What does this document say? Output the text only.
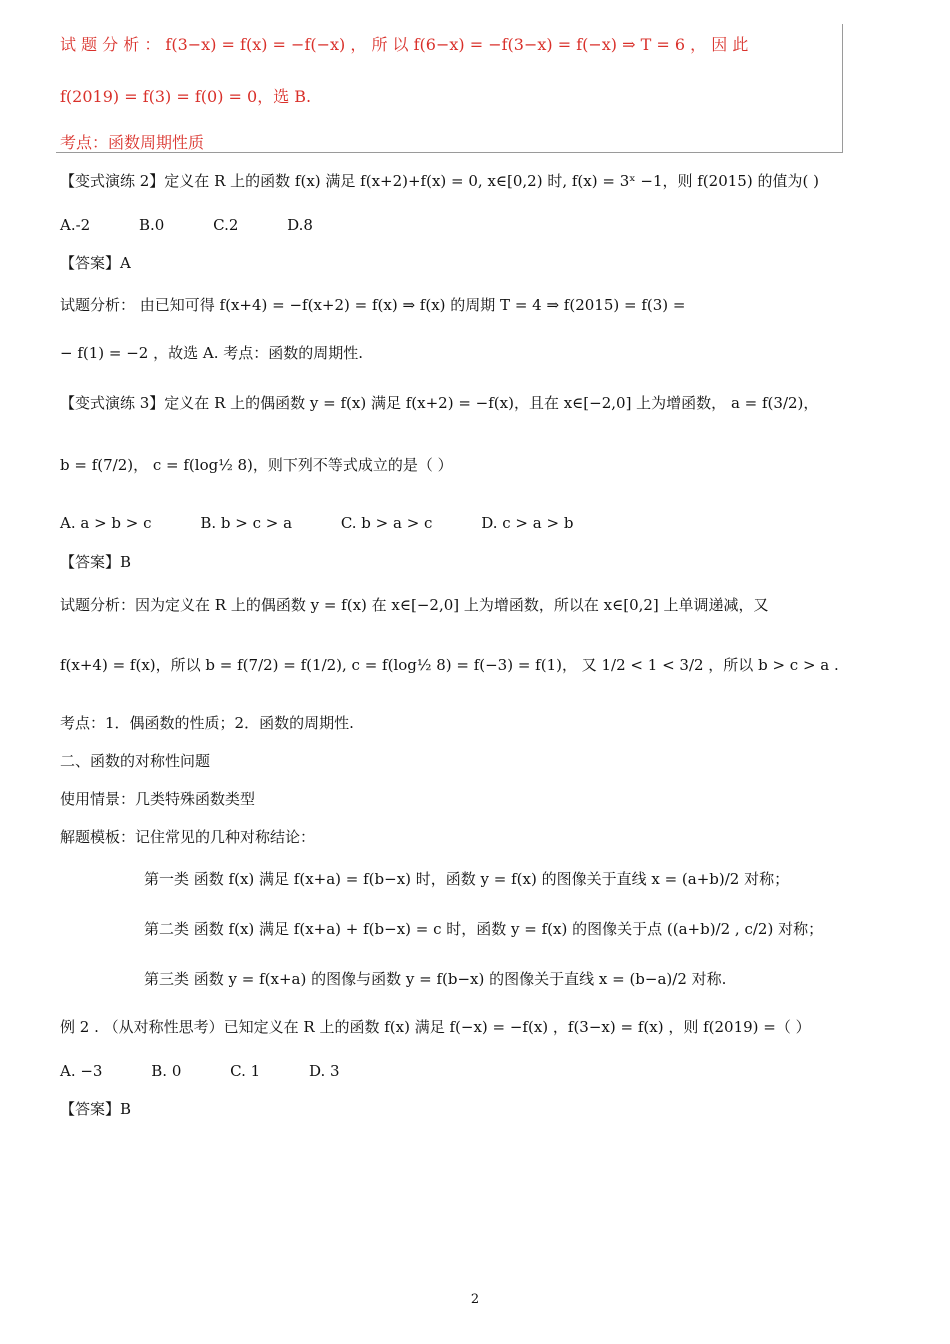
试 题 分 析 ： f(3−x) = f(x) = −f(−x) ， 所 以 f(6−x) = −f(3−x) = f(−x) ⇒ T = 6 ， 因 此
f(2019) = f(3) = f(0) = 0，选 B.
考点：函数周期性质
【变式演练 2】定义在 R 上的函数 f(x) 满足 f(x+2)+f(x) = 0, x∈[0,2) 时, f(x) = 3ˣ −1，则 f(2015) 的值为( )
A.-2	B.0	C.2	D.8
【答案】A
试题分析： 由已知可得 f(x+4) = −f(x+2) = f(x) ⇒ f(x) 的周期 T = 4 ⇒ f(2015) = f(3) =
− f(1) = −2 ，故选 A. 考点：函数的周期性.
【变式演练 3】定义在 R 上的偶函数 y = f(x) 满足 f(x+2) = −f(x)，且在 x∈[−2,0] 上为增函数， a = f(3/2)，
b = f(7/2)， c = f(log½ 8)，则下列不等式成立的是（ ）
A. a > b > c	B. b > c > a	C. b > a > c	D. c > a > b
【答案】B
试题分析：因为定义在 R 上的偶函数 y = f(x) 在 x∈[−2,0] 上为增函数，所以在 x∈[0,2] 上单调递减，又
f(x+4) = f(x)，所以 b = f(7/2) = f(1/2), c = f(log½ 8) = f(−3) = f(1)， 又 1/2 < 1 < 3/2 ，所以 b > c > a .
考点：1．偶函数的性质；2．函数的周期性.
二、函数的对称性问题
使用情景：几类特殊函数类型
解题模板：记住常见的几种对称结论：
第一类 函数 f(x) 满足 f(x+a) = f(b−x) 时，函数 y = f(x) 的图像关于直线 x = (a+b)/2 对称；
第二类 函数 f(x) 满足 f(x+a) + f(b−x) = c 时，函数 y = f(x) 的图像关于点 ((a+b)/2 , c/2) 对称；
第三类 函数 y = f(x+a) 的图像与函数 y = f(b−x) 的图像关于直线 x = (b−a)/2 对称.
例 2 . （从对称性思考）已知定义在 R 上的函数 f(x) 满足 f(−x) = −f(x) ，f(3−x) = f(x) ，则 f(2019) =（ ）
A. −3	B. 0	C. 1	D. 3
【答案】B
2
